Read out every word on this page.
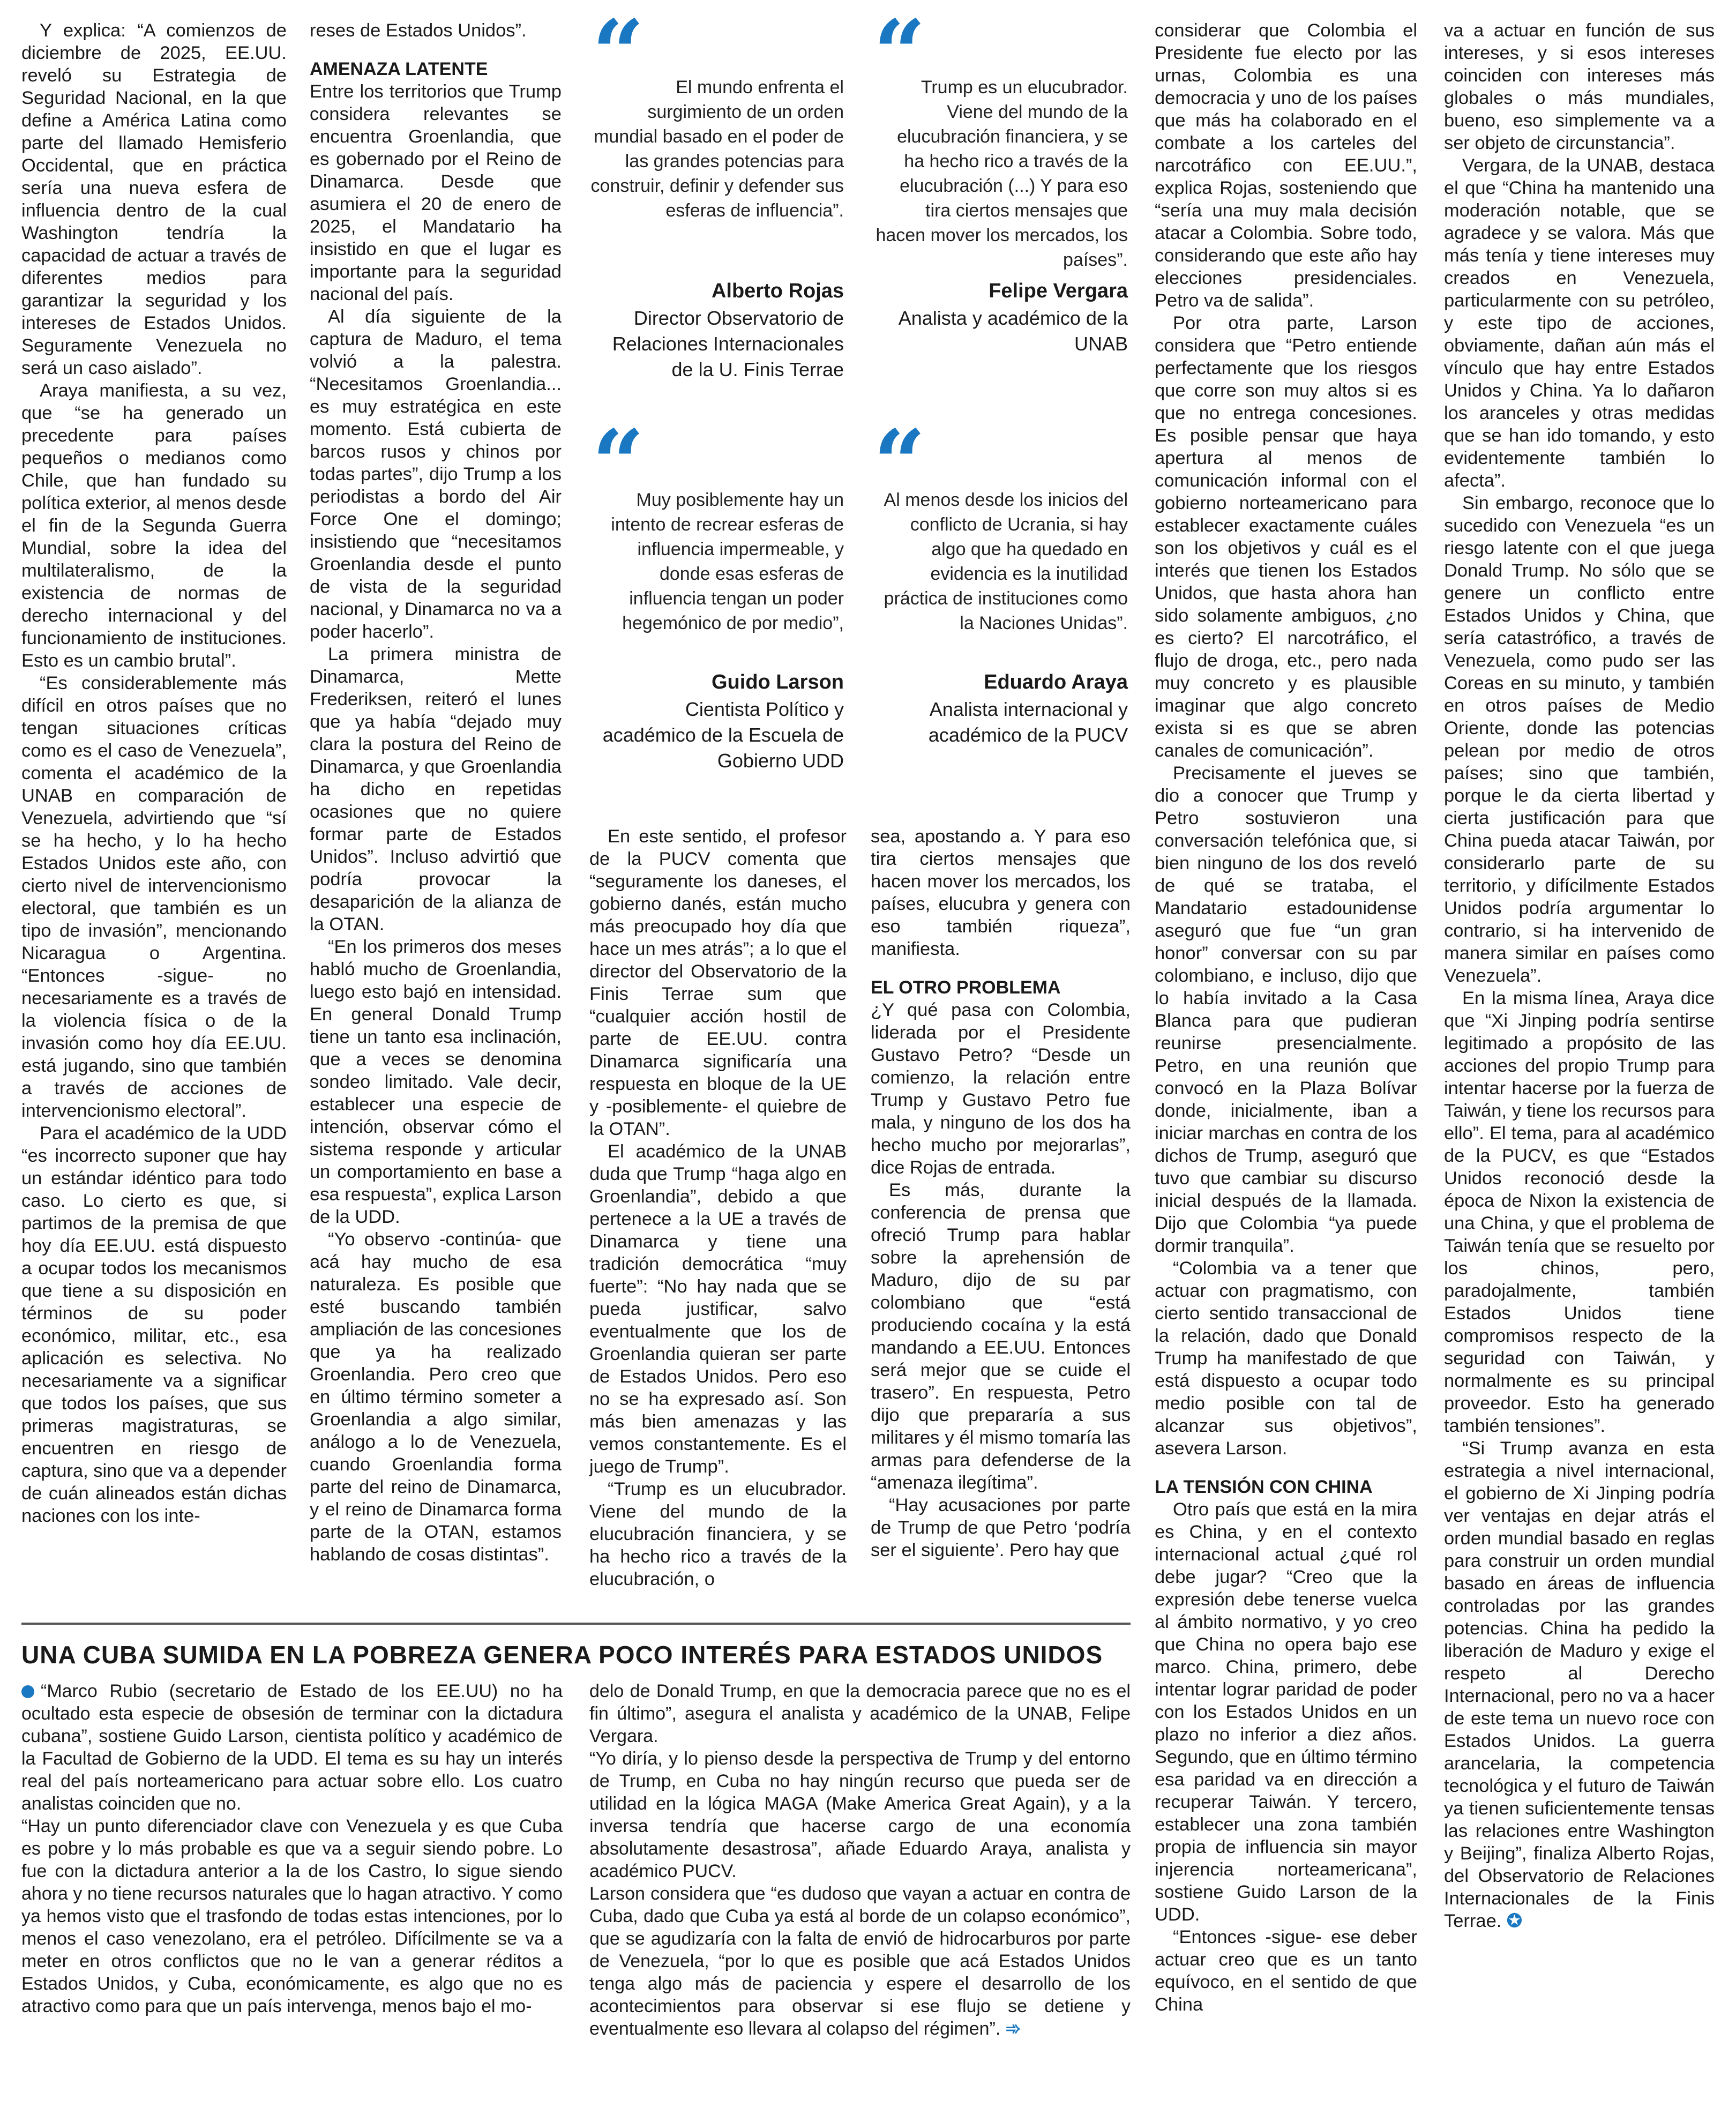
Y explica: “A comienzos de diciembre de 2025, EE.UU. reveló su Estrategia de Seguridad Nacional, en la que define a América Latina como parte del llamado Hemisferio Occidental, que en práctica sería una nueva esfera de influencia dentro de la cual Washington tendría la capacidad de actuar a través de diferentes medios para garantizar la seguridad y los intereses de Estados Unidos. Seguramente Venezuela no será un caso aislado”.

Araya manifiesta, a su vez, que “se ha generado un precedente para países pequeños o medianos como Chile, que han fundado su política exterior, al menos desde el fin de la Segunda Guerra Mundial, sobre la idea del multilateralismo, de la existencia de normas de derecho internacional y del funcionamiento de instituciones. Esto es un cambio brutal”.

“Es considerablemente más difícil en otros países que no tengan situaciones críticas como es el caso de Venezuela”, comenta el académico de la UNAB en comparación de Venezuela, advirtiendo que “sí se ha hecho, y lo ha hecho Estados Unidos este año, con cierto nivel de intervencionismo electoral, que también es un tipo de invasión”, mencionando Nicaragua o Argentina. “Entonces -sigue- no necesariamente es a través de la violencia física o de la invasión como hoy día EE.UU. está jugando, sino que también a través de acciones de intervencionismo electoral”.

Para el académico de la UDD “es incorrecto suponer que hay un estándar idéntico para todo caso. Lo cierto es que, si partimos de la premisa de que hoy día EE.UU. está dispuesto a ocupar todos los mecanismos que tiene a su disposición en términos de su poder económico, militar, etc., esa aplicación es selectiva. No necesariamente va a significar que todos los países, que sus primeras magistraturas, se encuentren en riesgo de captura, sino que va a depender de cuán alineados están dichas naciones con los inte-

reses de Estados Unidos”.

AMENAZA LATENTE

Entre los territorios que Trump considera relevantes se encuentra Groenlandia, que es gobernado por el Reino de Dinamarca. Desde que asumiera el 20 de enero de 2025, el Mandatario ha insistido en que el lugar es importante para la seguridad nacional del país.

Al día siguiente de la captura de Maduro, el tema volvió a la palestra. “Necesitamos Groenlandia... es muy estratégica en este momento. Está cubierta de barcos rusos y chinos por todas partes”, dijo Trump a los periodistas a bordo del Air Force One el domingo; insistiendo que “necesitamos Groenlandia desde el punto de vista de la seguridad nacional, y Dinamarca no va a poder hacerlo”.

La primera ministra de Dinamarca, Mette Frederiksen, reiteró el lunes que ya había “dejado muy clara la postura del Reino de Dinamarca, y que Groenlandia ha dicho en repetidas ocasiones que no quiere formar parte de Estados Unidos”. Incluso advirtió que podría provocar la desaparición de la alianza de la OTAN.

“En los primeros dos meses habló mucho de Groenlandia, luego esto bajó en intensidad. En general Donald Trump tiene un tanto esa inclinación, que a veces se denomina sondeo limitado. Vale decir, establecer una especie de intención, observar cómo el sistema responde y articular un comportamiento en base a esa respuesta”, explica Larson de la UDD.

“Yo observo -continúa- que acá hay mucho de esa naturaleza. Es posible que esté buscando también ampliación de las concesiones que ya ha realizado Groenlandia. Pero creo que en último término someter a Groenlandia a algo similar, análogo a lo de Venezuela, cuando Groenlandia forma parte del reino de Dinamarca, y el reino de Dinamarca forma parte de la OTAN, estamos hablando de cosas distintas”.

“	El mundo enfrenta el surgimiento de un orden mundial basado en el poder de las grandes potencias para construir, definir y defender sus esferas de influencia”.
Alberto Rojas
Director Observatorio de Relaciones Internacionales de la U. Finis Terrae
“
Trump es un elucubrador. Viene del mundo de la elucubración financiera, y se ha hecho rico a través de la elucubración (...) Y para eso tira ciertos mensajes que hacen mover los mercados, los países”.
Felipe Vergara
Analista y académico de la UNAB
“
Muy posiblemente hay un intento de recrear esferas de influencia impermeable, y donde esas esferas de influencia tengan un poder hegemónico de por medio”,
Guido Larson
Cientista Político y académico de la Escuela de Gobierno UDD
“
Al menos desde los inicios del conflicto de Ucrania, si hay algo que ha quedado en evidencia es la inutilidad práctica de instituciones como la Naciones Unidas”.
Eduardo Araya
Analista internacional y académico de la PUCV

En este sentido, el profesor de la PUCV comenta que “seguramente los daneses, el gobierno danés, están mucho más preocupado hoy día que hace un mes atrás”; a lo que el director del Observatorio de la Finis Terrae sum que “cualquier acción hostil de parte de EE.UU. contra Dinamarca significaría una respuesta en bloque de la UE y -posiblemente- el quiebre de la OTAN”.

El académico de la UNAB duda que Trump “haga algo en Groenlandia”, debido a que pertenece a la UE a través de Dinamarca y tiene una tradición democrática “muy fuerte”: “No hay nada que se pueda justificar, salvo eventualmente que los de Groenlandia quieran ser parte de Estados Unidos. Pero eso no se ha expresado así. Son más bien amenazas y las vemos constantemente. Es el juego de Trump”.

“Trump es un elucubrador. Viene del mundo de la elucubración financiera, y se ha hecho rico a través de la elucubración, o

sea, apostando a. Y para eso tira ciertos mensajes que hacen mover los mercados, los países, elucubra y genera con eso también riqueza”, manifiesta.

EL OTRO PROBLEMA

¿Y qué pasa con Colombia, liderada por el Presidente Gustavo Petro? “Desde un comienzo, la relación entre Trump y Gustavo Petro fue mala, y ninguno de los dos ha hecho mucho por mejorarlas”, dice Rojas de entrada.

Es más, durante la conferencia de prensa que ofreció Trump para hablar sobre la aprehensión de Maduro, dijo de su par colombiano que “está produciendo cocaína y la está mandando a EE.UU. Entonces será mejor que se cuide el trasero”. En respuesta, Petro dijo que prepararía a sus militares y él mismo tomaría las armas para defenderse de la “amenaza ilegítima”.

“Hay acusaciones por parte de Trump de que Petro ‘podría ser el siguiente’. Pero hay que

considerar que Colombia el Presidente fue electo por las urnas, Colombia es una democracia y uno de los países que más ha colaborado en el combate a los carteles del narcotráfico con EE.UU.”, explica Rojas, sosteniendo que “sería una muy mala decisión atacar a Colombia. Sobre todo, considerando que este año hay elecciones presidenciales. Petro va de salida”.

Por otra parte, Larson considera que “Petro entiende perfectamente que los riesgos que corre son muy altos si es que no entrega concesiones. Es posible pensar que haya apertura al menos de comunicación informal con el gobierno norteamericano para establecer exactamente cuáles son los objetivos y cuál es el interés que tienen los Estados Unidos, que hasta ahora han sido solamente ambiguos, ¿no es cierto? El narcotráfico, el flujo de droga, etc., pero nada muy concreto y es plausible imaginar que algo concreto exista si es que se abren canales de comunicación”.

Precisamente el jueves se dio a conocer que Trump y Petro sostuvieron una conversación telefónica que, si bien ninguno de los dos reveló de qué se trataba, el Mandatario estadounidense aseguró que fue “un gran honor” conversar con su par colombiano, e incluso, dijo que lo había invitado a la Casa Blanca para que pudieran reunirse presencialmente. Petro, en una reunión que convocó en la Plaza Bolívar donde, inicialmente, iban a iniciar marchas en contra de los dichos de Trump, aseguró que tuvo que cambiar su discurso inicial después de la llamada. Dijo que Colombia “ya puede dormir tranquila”.

“Colombia va a tener que actuar con pragmatismo, con cierto sentido transaccional de la relación, dado que Donald Trump ha manifestado de que está dispuesto a ocupar todo medio posible con tal de alcanzar sus objetivos”, asevera Larson.

LA TENSIÓN CON CHINA

Otro país que está en la mira es China, y en el contexto internacional actual ¿qué rol debe jugar? “Creo que la expresión debe tenerse vuelca al ámbito normativo, y yo creo que China no opera bajo ese marco. China, primero, debe intentar lograr paridad de poder con los Estados Unidos en un plazo no inferior a diez años. Segundo, que en último término esa paridad va en dirección a recuperar Taiwán. Y tercero, establecer una zona también propia de influencia sin mayor injerencia norteamericana”, sostiene Guido Larson de la UDD.

“Entonces -sigue- ese deber actuar creo que es un tanto equívoco, en el sentido de que China

va a actuar en función de sus intereses, y si esos intereses coinciden con intereses más globales o más mundiales, bueno, eso simplemente va a ser objeto de circunstancia”.

Vergara, de la UNAB, destaca el que “China ha mantenido una moderación notable, que se agradece y se valora. Más que más tenía y tiene intereses muy creados en Venezuela, particularmente con su petróleo, y este tipo de acciones, obviamente, dañan aún más el vínculo que hay entre Estados Unidos y China. Ya lo dañaron los aranceles y otras medidas que se han ido tomando, y esto evidentemente también lo afecta”.

Sin embargo, reconoce que lo sucedido con Venezuela “es un riesgo latente con el que juega Donald Trump. No sólo que se genere un conflicto entre Estados Unidos y China, que sería catastrófico, a través de Venezuela, como pudo ser las Coreas en su minuto, y también en otros países de Medio Oriente, donde las potencias pelean por medio de otros países; sino que también, porque le da cierta libertad y cierta justificación para que China pueda atacar Taiwán, por considerarlo parte de su territorio, y difícilmente Estados Unidos podría argumentar lo contrario, si ha intervenido de manera similar en países como Venezuela”.

En la misma línea, Araya dice que “Xi Jinping podría sentirse legitimado a propósito de las acciones del propio Trump para intentar hacerse por la fuerza de Taiwán, y tiene los recursos para ello”. El tema, para al académico de la PUCV, es que “Estados Unidos reconoció desde la época de Nixon la existencia de una China, y que el problema de Taiwán tenía que se resuelto por los chinos, pero, paradojalmente, también Estados Unidos tiene compromisos respecto de la seguridad con Taiwán, y normalmente es su principal proveedor. Esto ha generado también tensiones”.

“Si Trump avanza en esta estrategia a nivel internacional, el gobierno de Xi Jinping podría ver ventajas en dejar atrás el orden mundial basado en reglas para construir un orden mundial basado en áreas de influencia controladas por las grandes potencias. China ha pedido la liberación de Maduro y exige el respeto al Derecho Internacional, pero no va a hacer de este tema un nuevo roce con Estados Unidos. La guerra arancelaria, la competencia tecnológica y el futuro de Taiwán ya tienen suficientemente tensas las relaciones entre Washington y Beijing”, finaliza Alberto Rojas, del Observatorio de Relaciones Internacionales de la Finis Terrae. ✪

UNA CUBA SUMIDA EN LA POBREZA GENERA POCO INTERÉS PARA ESTADOS UNIDOS

“Marco Rubio (secretario de Estado de los EE.UU) no ha ocultado esta especie de obsesión de terminar con la dictadura cubana”, sostiene Guido Larson, cientista político y académico de la Facultad de Gobierno de la UDD. El tema es su hay un interés real del país norteamericano para actuar sobre ello. Los cuatro analistas coinciden que no.

“Hay un punto diferenciador clave con Venezuela y es que Cuba es pobre y lo más probable es que va a seguir siendo pobre. Lo fue con la dictadura anterior a la de los Castro, lo sigue siendo ahora y no tiene recursos naturales que lo hagan atractivo. Y como ya hemos visto que el trasfondo de todas estas intenciones, por lo menos el caso venezolano, era el petróleo. Difícilmente se va a meter en otros conflictos que no le van a generar réditos a Estados Unidos, y Cuba, económicamente, es algo que no es atractivo como para que un país intervenga, menos bajo el mo-

delo de Donald Trump, en que la democracia parece que no es el fin último”, asegura el analista y académico de la UNAB, Felipe Vergara.

“Yo diría, y lo pienso desde la perspectiva de Trump y del entorno de Trump, en Cuba no hay ningún recurso que pueda ser de utilidad en la lógica MAGA (Make America Great Again), y a la inversa tendría que hacerse cargo de una economía absolutamente desastrosa”, añade Eduardo Araya, analista y académico PUCV.

Larson considera que “es dudoso que vayan a actuar en contra de Cuba, dado que Cuba ya está al borde de un colapso económico”, que se agudizaría con la falta de envió de hidrocarburos por parte de Venezuela, “por lo que es posible que acá Estados Unidos tenga algo más de paciencia y espere el desarrollo de los acontecimientos para observar si ese flujo se detiene y eventualmente eso llevara al colapso del régimen”. ➾
